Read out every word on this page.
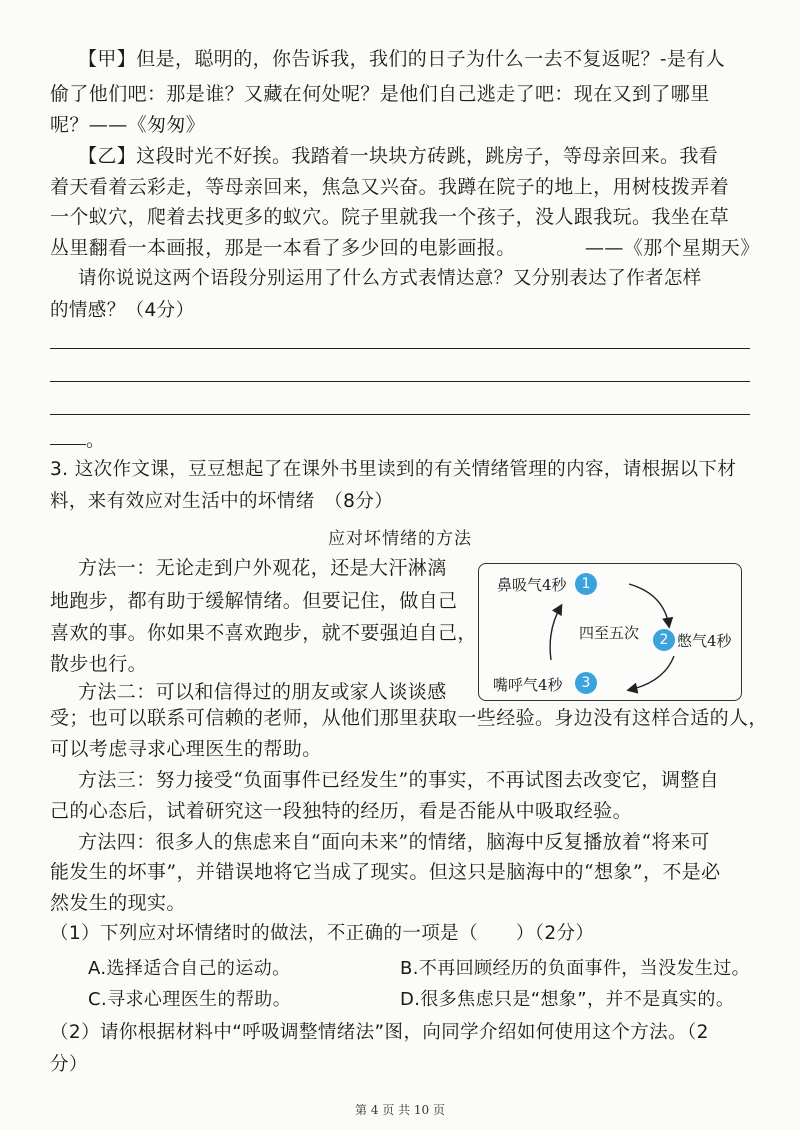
【甲】但是，聪明的，你告诉我，我们的日子为什么一去不复返呢？-是有人
偷了他们吧：那是谁？又藏在何处呢？是他们自己逃走了吧：现在又到了哪里
呢？——《匆匆》
【乙】这段时光不好挨。我踏着一块块方砖跳，跳房子，等母亲回来。我看
着天看着云彩走，等母亲回来，焦急又兴奋。我蹲在院子的地上，用树枝拨弄着
一个蚁穴，爬着去找更多的蚁穴。院子里就我一个孩子，没人跟我玩。我坐在草
丛里翻看一本画报，那是一本看了多少回的电影画报。	——《那个星期天》
请你说说这两个语段分别运用了什么方式表情达意？又分别表达了作者怎样
的情感？（4分）
。
3. 这次作文课，豆豆想起了在课外书里读到的有关情绪管理的内容，请根据以下材
料，来有效应对生活中的坏情绪　（8分）
应对坏情绪的方法
方法一：无论走到户外观花，还是大汗淋漓
地跑步，都有助于缓解情绪。但要记住，做自己
喜欢的事。你如果不喜欢跑步，就不要强迫自己，
散步也行。
鼻吸气4秒	1
四至五次	2 憋气4秒
嘴呼气4秒	3
方法二：可以和信得过的朋友或家人谈谈感
受；也可以联系可信赖的老师，从他们那里获取一些经验。身边没有这样合适的人，
可以考虑寻求心理医生的帮助。
方法三：努力接受“负面事件已经发生”的事实，不再试图去改变它，调整自
己的心态后，试着研究这一段独特的经历，看是否能从中吸取经验。
方法四：很多人的焦虑来自“面向未来”的情绪，脑海中反复播放着“将来可
能发生的坏事”，并错误地将它当成了现实。但这只是脑海中的“想象”，不是必
然发生的现实。
（1）下列应对坏情绪时的做法，不正确的一项是（　　）（2分）
A.选择适合自己的运动。	B.不再回顾经历的负面事件，当没发生过。
C.寻求心理医生的帮助。	D.很多焦虑只是“想象”，并不是真实的。
（2）请你根据材料中“呼吸调整情绪法”图，向同学介绍如何使用这个方法。（2
分）
第 4 页 共 10 页
